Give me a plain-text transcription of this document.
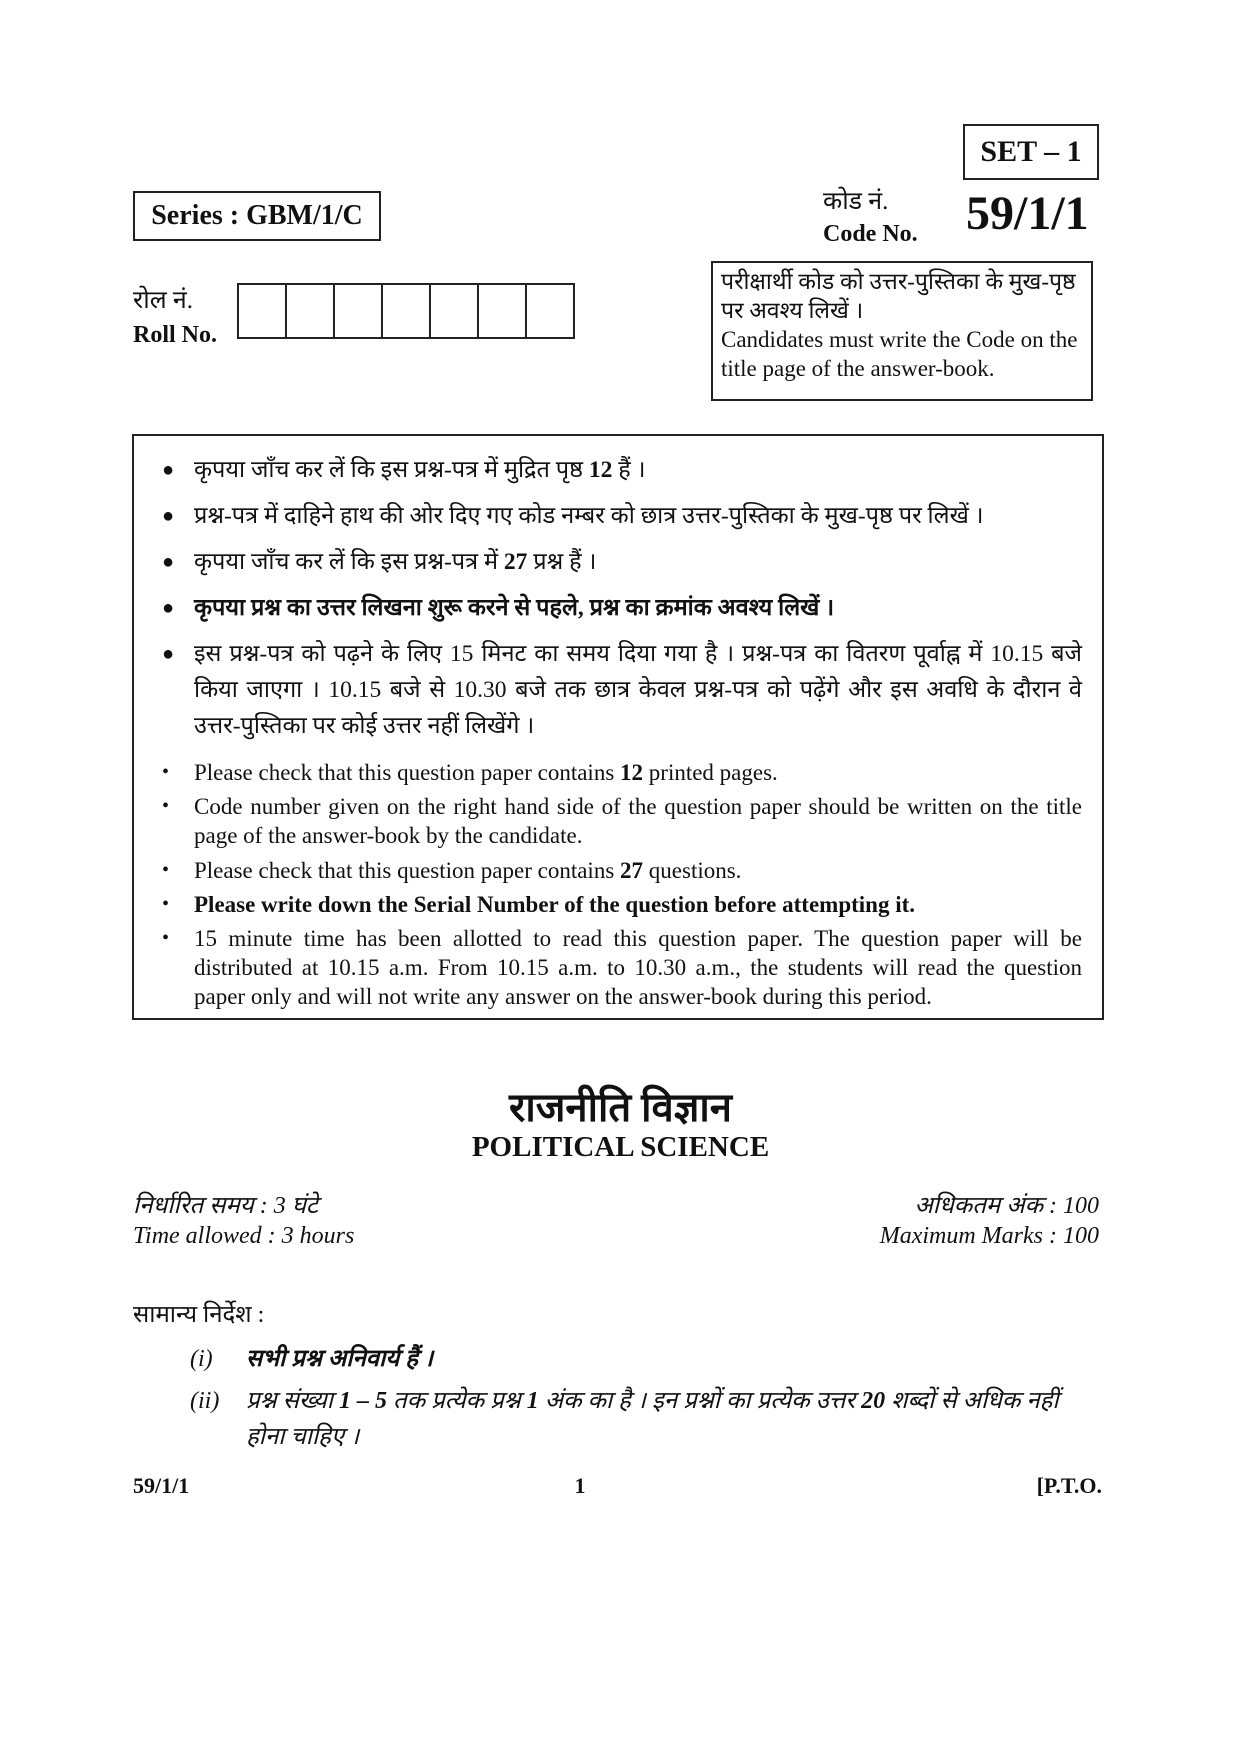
SET – 1
Series : GBM/1/C	कोड नं.
Code No. 59/1/1
रोल नं.
Roll No.
परीक्षार्थी कोड को उत्तर-पुस्तिका के मुख-पृष्ठ पर अवश्य लिखें ।
Candidates must write the Code on the title page of the answer-book.
● कृपया जाँच कर लें कि इस प्रश्न-पत्र में मुद्रित पृष्ठ 12 हैं ।
● प्रश्न-पत्र में दाहिने हाथ की ओर दिए गए कोड नम्बर को छात्र उत्तर-पुस्तिका के मुख-पृष्ठ पर लिखें ।
● कृपया जाँच कर लें कि इस प्रश्न-पत्र में 27 प्रश्न हैं ।
● कृपया प्रश्न का उत्तर लिखना शुरू करने से पहले, प्रश्न का क्रमांक अवश्य लिखें ।
● इस प्रश्न-पत्र को पढ़ने के लिए 15 मिनट का समय दिया गया है । प्रश्न-पत्र का वितरण पूर्वाह्न में 10.15 बजे किया जाएगा । 10.15 बजे से 10.30 बजे तक छात्र केवल प्रश्न-पत्र को पढ़ेंगे और इस अवधि के दौरान वे उत्तर-पुस्तिका पर कोई उत्तर नहीं लिखेंगे ।
• Please check that this question paper contains 12 printed pages.
• Code number given on the right hand side of the question paper should be written on the title page of the answer-book by the candidate.
• Please check that this question paper contains 27 questions.
• Please write down the Serial Number of the question before attempting it.
• 15 minute time has been allotted to read this question paper. The question paper will be distributed at 10.15 a.m. From 10.15 a.m. to 10.30 a.m., the students will read the question paper only and will not write any answer on the answer-book during this period.
राजनीति विज्ञान
POLITICAL SCIENCE
निर्धारित समय : 3 घंटे
Time allowed : 3 hours
अधिकतम अंक : 100
Maximum Marks : 100
सामान्य निर्देश :
(i) सभी प्रश्न अनिवार्य हैं ।
(ii) प्रश्न संख्या 1 – 5 तक प्रत्येक प्रश्न 1 अंक का है । इन प्रश्नों का प्रत्येक उत्तर 20 शब्दों से अधिक नहीं होना चाहिए ।
59/1/1	1	[P.T.O.
